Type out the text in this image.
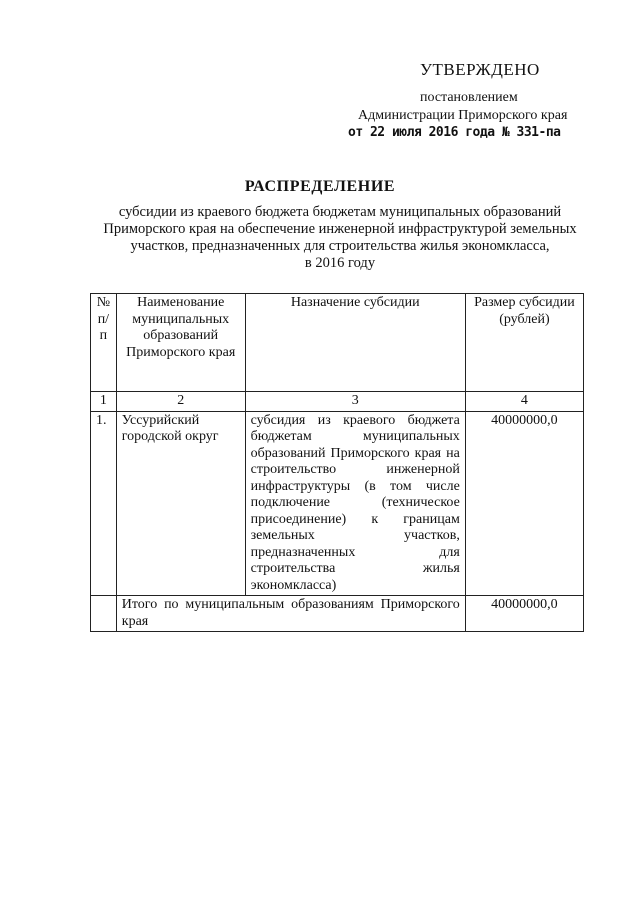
УТВЕРЖДЕНО
постановлением
Администрации Приморского края
от 22 июля 2016 года № 331-па
РАСПРЕДЕЛЕНИЕ
субсидии из краевого бюджета бюджетам муниципальных образований
Приморского края на обеспечение инженерной инфраструктурой земельных
участков, предназначенных для строительства жилья экономкласса,
в 2016 году
№ п/п	Наименование муниципальных образований Приморского края	Назначение субсидии	Размер субсидии (рублей)
1	2	3	4
1.	Уссурийский городской округ	субсидия из краевого бюджета бюджетам муниципальных образований Приморского края на строительство инженерной инфраструктуры (в том числе подключение (техническое присоединение) к границам земельных участков, предназначенных для строительства жилья экономкласса)	40000000,0
	Итого по муниципальным образованиям Приморского края		40000000,0
